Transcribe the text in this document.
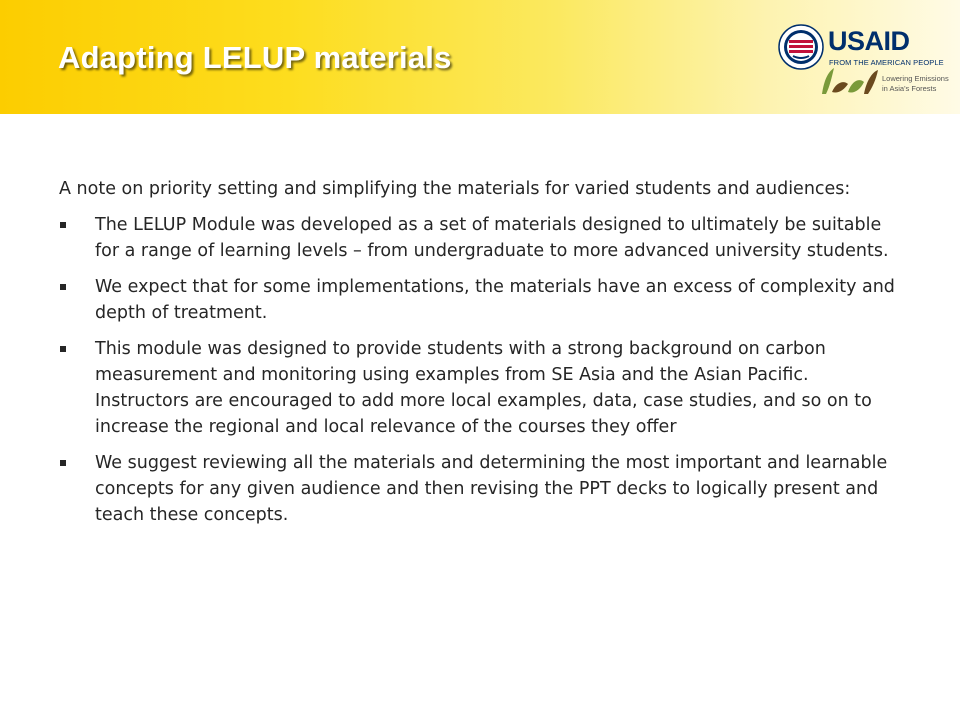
Adapting LELUP materials	USAID
FROM THE AMERICAN PEOPLE
Lowering Emissions
in Asia's Forests

A note on priority setting and simplifying the materials for varied students and audiences:

The LELUP Module was developed as a set of materials designed to ultimately be suitable for a range of learning levels – from undergraduate to more advanced university students.
We expect that for some implementations, the materials have an excess of complexity and depth of treatment.
This module was designed to provide students with a strong background on carbon measurement and monitoring using examples from SE Asia and the Asian Pacific. Instructors are encouraged to add more local examples, data, case studies, and so on to increase the regional and local relevance of the courses they offer
We suggest reviewing all the materials and determining the most important and learnable concepts for any given audience and then revising the PPT decks to logically present and teach these concepts.
